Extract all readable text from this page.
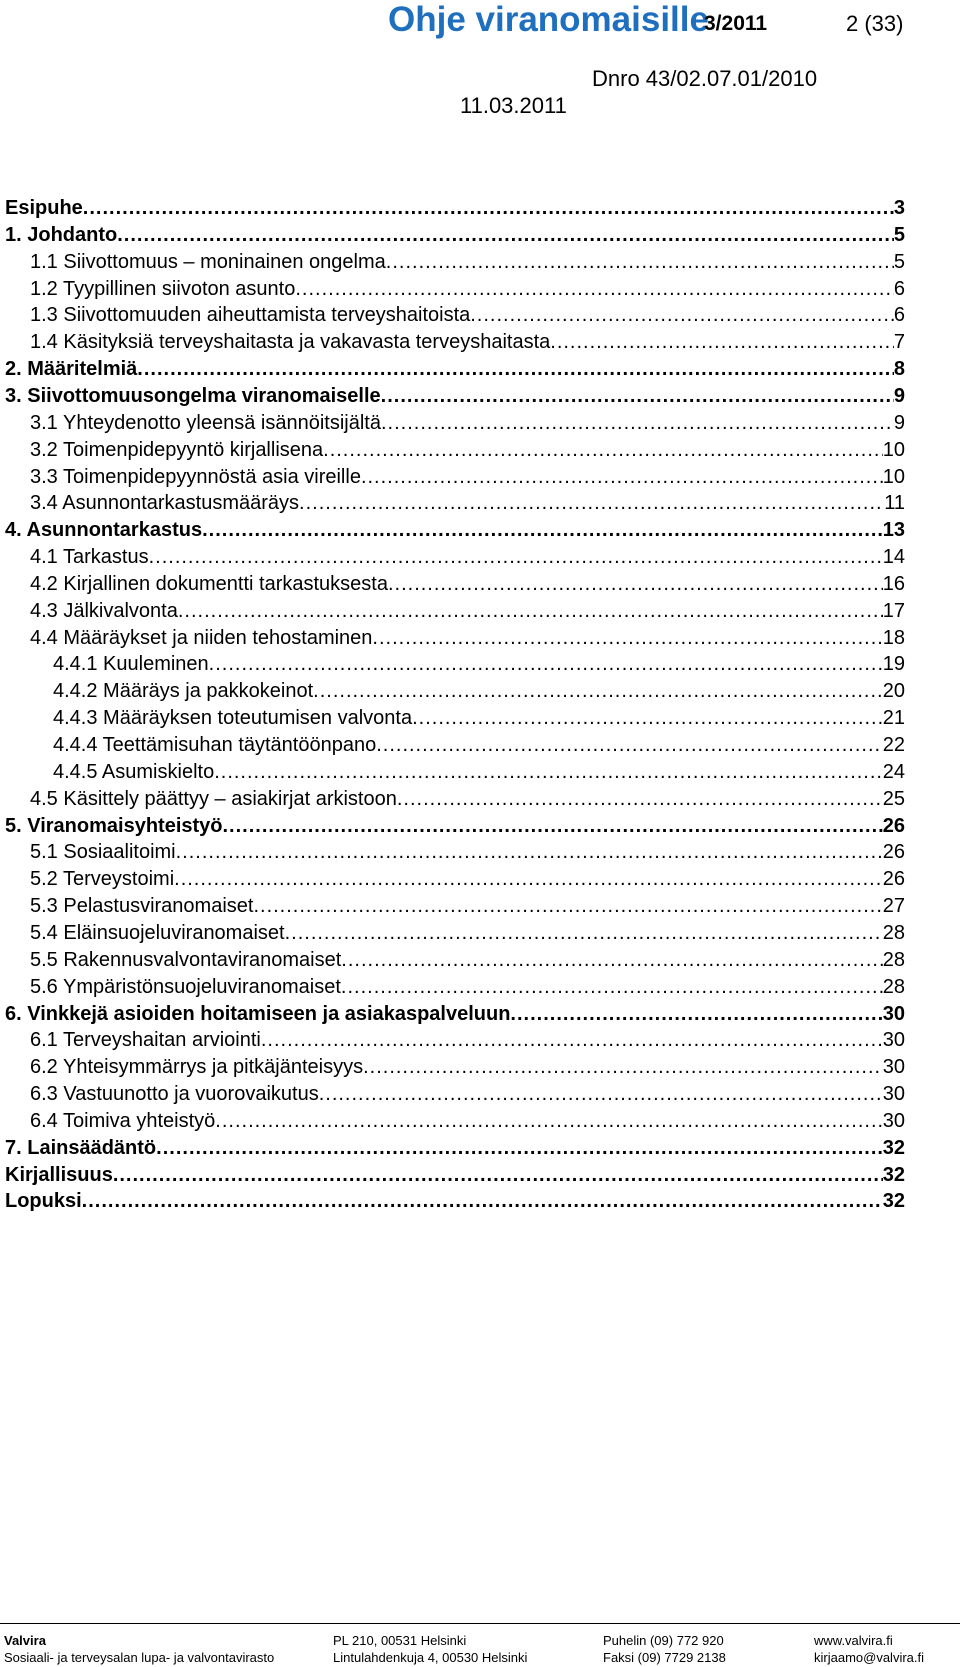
Ohje viranomaisille
3/2011	2 (33)
Dnro 43/02.07.01/2010
11.03.2011
Esipuhe .....	3
1. Johdanto .....	5
1.1 Siivottomuus – moninainen ongelma .....	5
1.2 Tyypillinen siivoton asunto .....	6
1.3 Siivottomuuden aiheuttamista terveyshaitoista .....	6
1.4 Käsityksiä terveyshaitasta ja vakavasta terveyshaitasta .....	7
2. Määritelmiä .....	8
3. Siivottomuusongelma viranomaiselle .....	9
3.1 Yhteydenotto yleensä isännöitsijältä .....	9
3.2 Toimenpidepyyntö kirjallisena .....	10
3.3 Toimenpidepyynnöstä asia vireille .....	10
3.4 Asunnontarkastusmääräys .....	11
4. Asunnontarkastus .....	13
4.1 Tarkastus .....	14
4.2 Kirjallinen dokumentti tarkastuksesta .....	16
4.3 Jälkivalvonta .....	17
4.4 Määräykset ja niiden tehostaminen .....	18
4.4.1 Kuuleminen .....	19
4.4.2 Määräys ja pakkokeinot .....	20
4.4.3 Määräyksen toteutumisen valvonta .....	21
4.4.4 Teettämisuhan täytäntöönpano .....	22
4.4.5 Asumiskielto .....	24
4.5 Käsittely päättyy – asiakirjat arkistoon .....	25
5. Viranomaisyhteistyö .....	26
5.1 Sosiaalitoimi .....	26
5.2 Terveystoimi .....	26
5.3 Pelastusviranomaiset .....	27
5.4 Eläinsuojeluviranomaiset .....	28
5.5 Rakennusvalvontaviranomaiset .....	28
5.6 Ympäristönsuojeluviranomaiset .....	28
6. Vinkkejä asioiden hoitamiseen ja asiakaspalveluun .....	30
6.1 Terveyshaitan arviointi .....	30
6.2 Yhteisymmärrys ja pitkäjänteisyys .....	30
6.3 Vastuunotto ja vuorovaikutus .....	30
6.4 Toimiva yhteistyö .....	30
7. Lainsäädäntö .....	32
Kirjallisuus .....	32
Lopuksi .....	32
Valvira
Sosiaali- ja terveysalan lupa- ja valvontavirasto
PL 210, 00531 Helsinki
Lintulahdenkuja 4, 00530 Helsinki
Puhelin (09) 772 920
Faksi (09) 7729 2138
www.valvira.fi
kirjaamo@valvira.fi
